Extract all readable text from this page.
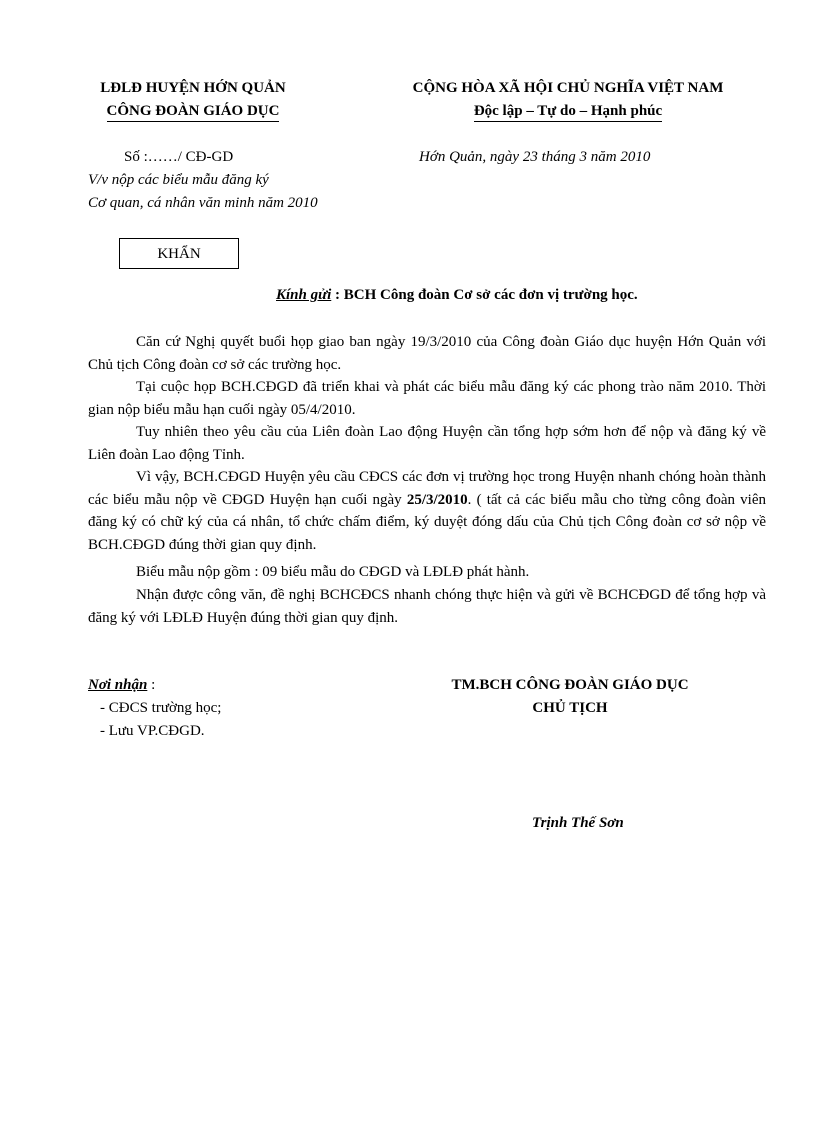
LĐLĐ HUYỆN HỚN QUẢN
CÔNG ĐOÀN GIÁO DỤC
CỘNG HÒA XÃ HỘI CHỦ NGHĨA VIỆT NAM
Độc lập – Tự do – Hạnh phúc
Số :……/ CĐ-GD	Hớn Quản, ngày 23 tháng 3 năm 2010
V/v nộp các biểu mẫu đăng ký
Cơ quan, cá nhân văn minh năm 2010
KHẨN
Kính gửi : BCH Công đoàn Cơ sở các đơn vị trường học.

Căn cứ Nghị quyết buổi họp giao ban ngày 19/3/2010 của Công đoàn Giáo dục huyện Hớn Quản với Chủ tịch Công đoàn cơ sở các trường học.

Tại cuộc họp BCH.CĐGD đã triển khai và phát các biểu mẫu đăng ký các phong trào năm 2010. Thời gian nộp biểu mẫu hạn cuối ngày 05/4/2010.

Tuy nhiên theo yêu cầu của Liên đoàn Lao động Huyện cần tổng hợp sớm hơn để nộp và đăng ký về Liên đoàn Lao động Tỉnh.

Vì vậy, BCH.CĐGD Huyện yêu cầu CĐCS các đơn vị trường học trong Huyện nhanh chóng hoàn thành các biểu mẫu nộp về CĐGD Huyện hạn cuối ngày 25/3/2010. ( tất cả các biểu mẫu cho từng công đoàn viên đăng ký có chữ ký của cá nhân, tổ chức chấm điểm, ký duyệt đóng dấu của Chủ tịch Công đoàn cơ sở nộp về BCH.CĐGD đúng thời gian quy định.

Biểu mẫu nộp gồm : 09 biểu mẫu do CĐGD và LĐLĐ phát hành.

Nhận được công văn, đề nghị BCHCĐCS nhanh chóng thực hiện và gửi về BCHCĐGD để tổng hợp và đăng ký với LĐLĐ Huyện đúng thời gian quy định.

Nơi nhận :
- CĐCS trường học;
- Lưu VP.CĐGD.
TM.BCH CÔNG ĐOÀN GIÁO DỤC
CHỦ TỊCH
Trịnh Thế Sơn
